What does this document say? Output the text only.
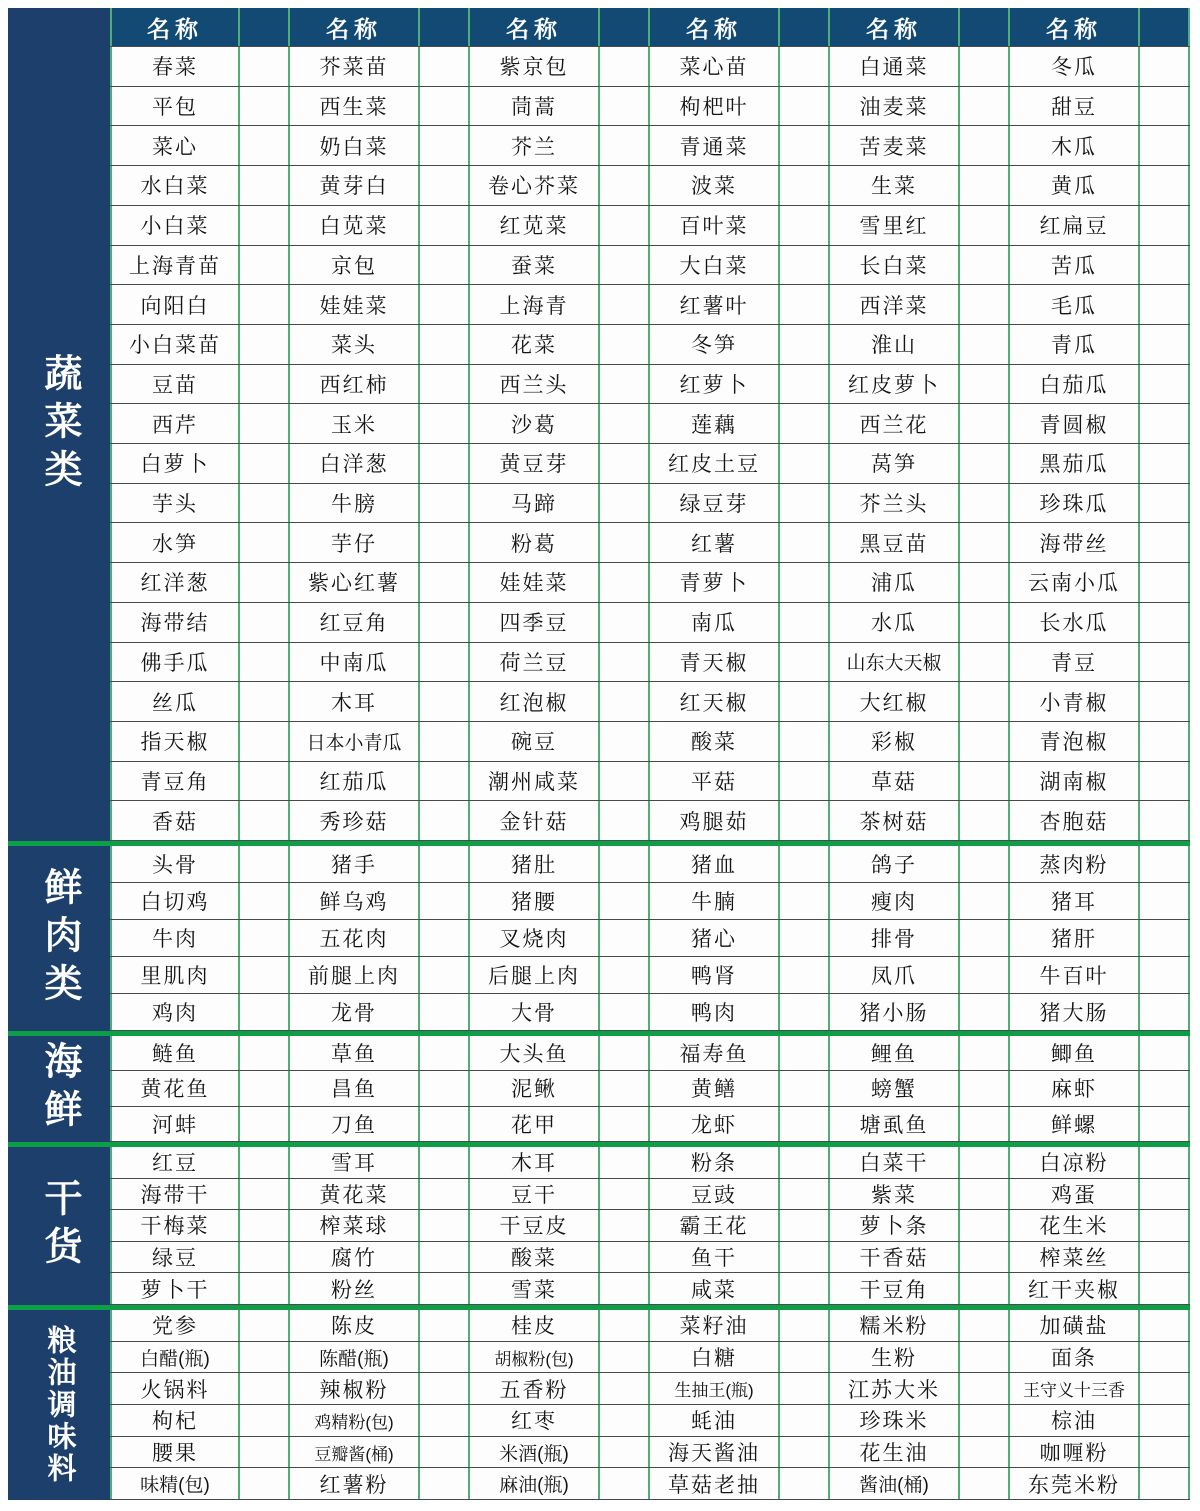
蔬菜类
名称	名称	名称	名称	名称	名称
春菜	芥菜苗	紫京包	菜心苗	白通菜	冬瓜
平包	西生菜	茼蒿	枸杷叶	油麦菜	甜豆
菜心	奶白菜	芥兰	青通菜	苦麦菜	木瓜
水白菜	黄芽白	卷心芥菜	波菜	生菜	黄瓜
小白菜	白苋菜	红苋菜	百叶菜	雪里红	红扁豆
上海青苗	京包	蚕菜	大白菜	长白菜	苦瓜
向阳白	娃娃菜	上海青	红薯叶	西洋菜	毛瓜
小白菜苗	菜头	花菜	冬笋	淮山	青瓜
豆苗	西红柿	西兰头	红萝卜	红皮萝卜	白茄瓜
西芹	玉米	沙葛	莲藕	西兰花	青圆椒
白萝卜	白洋葱	黄豆芽	红皮土豆	莴笋	黑茄瓜
芋头	牛膀	马蹄	绿豆芽	芥兰头	珍珠瓜
水笋	芋仔	粉葛	红薯	黑豆苗	海带丝
红洋葱	紫心红薯	娃娃菜	青萝卜	浦瓜	云南小瓜
海带结	红豆角	四季豆	南瓜	水瓜	长水瓜
佛手瓜	中南瓜	荷兰豆	青天椒	山东大天椒	青豆
丝瓜	木耳	红泡椒	红天椒	大红椒	小青椒
指天椒	日本小青瓜	碗豆	酸菜	彩椒	青泡椒
青豆角	红茄瓜	潮州咸菜	平菇	草菇	湖南椒
香菇	秀珍菇	金针菇	鸡腿茹	茶树菇	杏胞菇
鲜肉类
头骨	猪手	猪肚	猪血	鸽子	蒸肉粉
白切鸡	鲜乌鸡	猪腰	牛腩	瘦肉	猪耳
牛肉	五花肉	叉烧肉	猪心	排骨	猪肝
里肌肉	前腿上肉	后腿上肉	鸭肾	凤爪	牛百叶
鸡肉	龙骨	大骨	鸭肉	猪小肠	猪大肠
海鲜	鲢鱼	草鱼	大头鱼	福寿鱼	鲤鱼	鲫鱼
黄花鱼	昌鱼	泥鳅	黄鳝	螃蟹	麻虾
河蚌	刀鱼	花甲	龙虾	塘虱鱼	鲜螺
干货
红豆	雪耳	木耳	粉条	白菜干	白凉粉
海带干	黄花菜	豆干	豆豉	紫菜	鸡蛋
干梅菜	榨菜球	干豆皮	霸王花	萝卜条	花生米
绿豆	腐竹	酸菜	鱼干	干香菇	榨菜丝
萝卜干	粉丝	雪菜	咸菜	干豆角	红干夹椒
粮油调味料	党参	陈皮	桂皮	菜籽油	糯米粉	加磺盐
白醋(瓶)	陈醋(瓶)	胡椒粉(包)	白糖	生粉	面条
火锅料	辣椒粉	五香粉	生抽王(瓶)	江苏大米	王守义十三香
枸杞	鸡精粉(包)	红枣	蚝油	珍珠米	棕油
腰果	豆瓣酱(桶)	米酒(瓶)	海天酱油	花生油	咖喱粉
味精(包)	红薯粉	麻油(瓶)	草菇老抽	酱油(桶)	东莞米粉
